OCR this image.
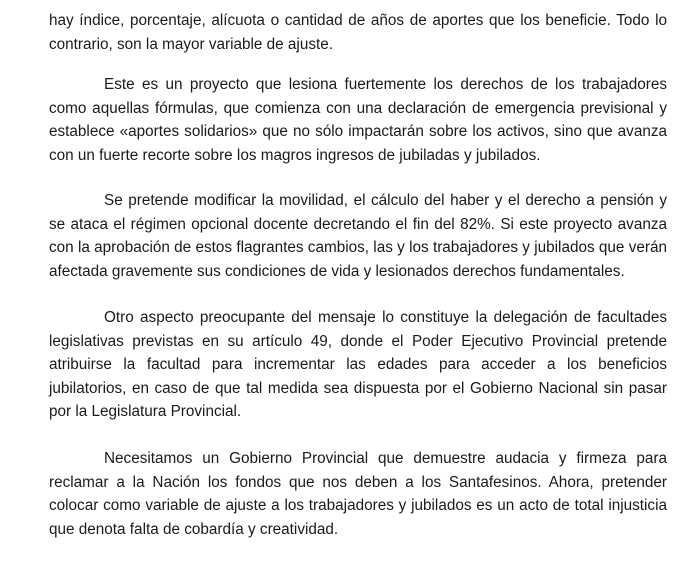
hay índice, porcentaje, alícuota o cantidad de años de aportes que los beneficie. Todo lo contrario, son la mayor variable de ajuste.

Este es un proyecto que lesiona fuertemente los derechos de los trabajadores como aquellas fórmulas, que comienza con una declaración de emergencia previsional y establece «aportes solidarios» que no sólo impactarán sobre los activos, sino que avanza con un fuerte recorte sobre los magros ingresos de jubiladas y jubilados.

Se pretende modificar la movilidad, el cálculo del haber y el derecho a pensión y se ataca el régimen opcional docente decretando el fin del 82%. Si este proyecto avanza con la aprobación de estos flagrantes cambios, las y los trabajadores y jubilados que verán afectada gravemente sus condiciones de vida y lesionados derechos fundamentales.

Otro aspecto preocupante del mensaje lo constituye la delegación de facultades legislativas previstas en su artículo 49, donde el Poder Ejecutivo Provincial pretende atribuirse la facultad para incrementar las edades para acceder a los beneficios jubilatorios, en caso de que tal medida sea dispuesta por el Gobierno Nacional sin pasar por la Legislatura Provincial.

Necesitamos un Gobierno Provincial que demuestre audacia y firmeza para reclamar a la Nación los fondos que nos deben a los Santafesinos. Ahora, pretender colocar como variable de ajuste a los trabajadores y jubilados es un acto de total injusticia que denota falta de cobardía y creatividad.
